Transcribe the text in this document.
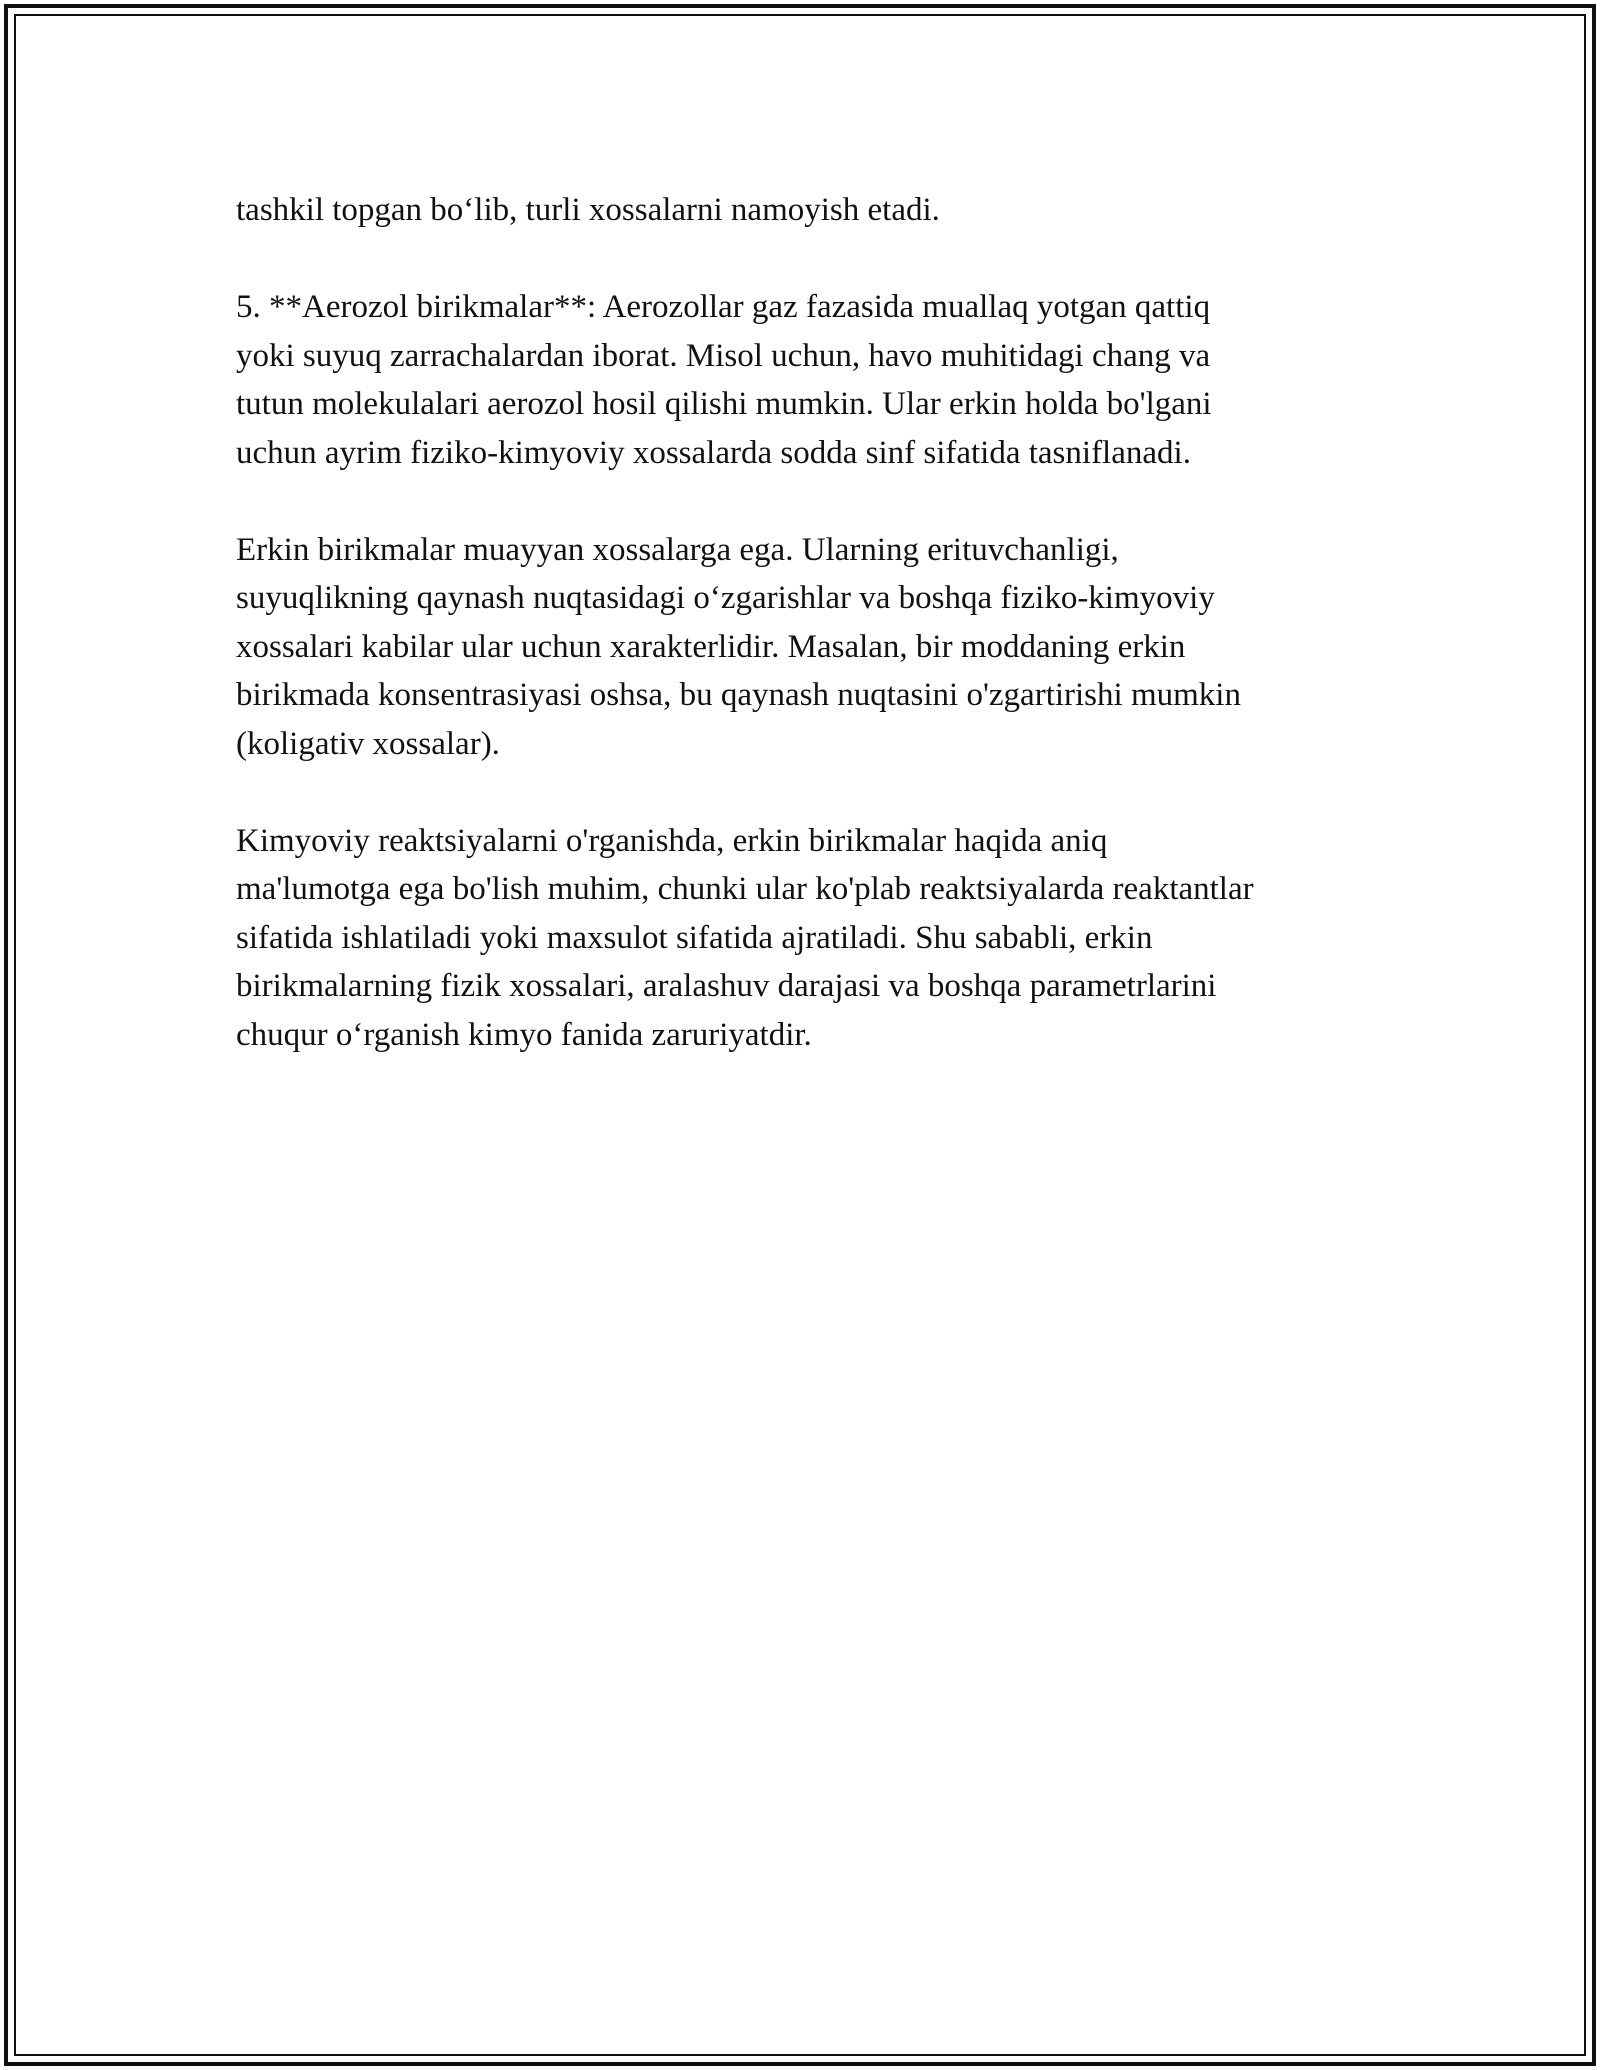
tashkil topgan bo‘lib, turli xossalarni namoyish etadi.

5. **Aerozol birikmalar**: Aerozollar gaz fazasida muallaq yotgan qattiq
yoki suyuq zarrachalardan iborat. Misol uchun, havo muhitidagi chang va
tutun molekulalari aerozol hosil qilishi mumkin. Ular erkin holda bo'lgani
uchun ayrim fiziko-kimyoviy xossalarda sodda sinf sifatida tasniflanadi.

Erkin birikmalar muayyan xossalarga ega. Ularning erituvchanligi,
suyuqlikning qaynash nuqtasidagi o‘zgarishlar va boshqa fiziko-kimyoviy
xossalari kabilar ular uchun xarakterlidir. Masalan, bir moddaning erkin
birikmada konsentrasiyasi oshsa, bu qaynash nuqtasini o'zgartirishi mumkin
(koligativ xossalar).

Kimyoviy reaktsiyalarni o'rganishda, erkin birikmalar haqida aniq
ma'lumotga ega bo'lish muhim, chunki ular ko'plab reaktsiyalarda reaktantlar
sifatida ishlatiladi yoki maxsulot sifatida ajratiladi. Shu sababli, erkin
birikmalarning fizik xossalari, aralashuv darajasi va boshqa parametrlarini
chuqur o‘rganish kimyo fanida zaruriyatdir.
